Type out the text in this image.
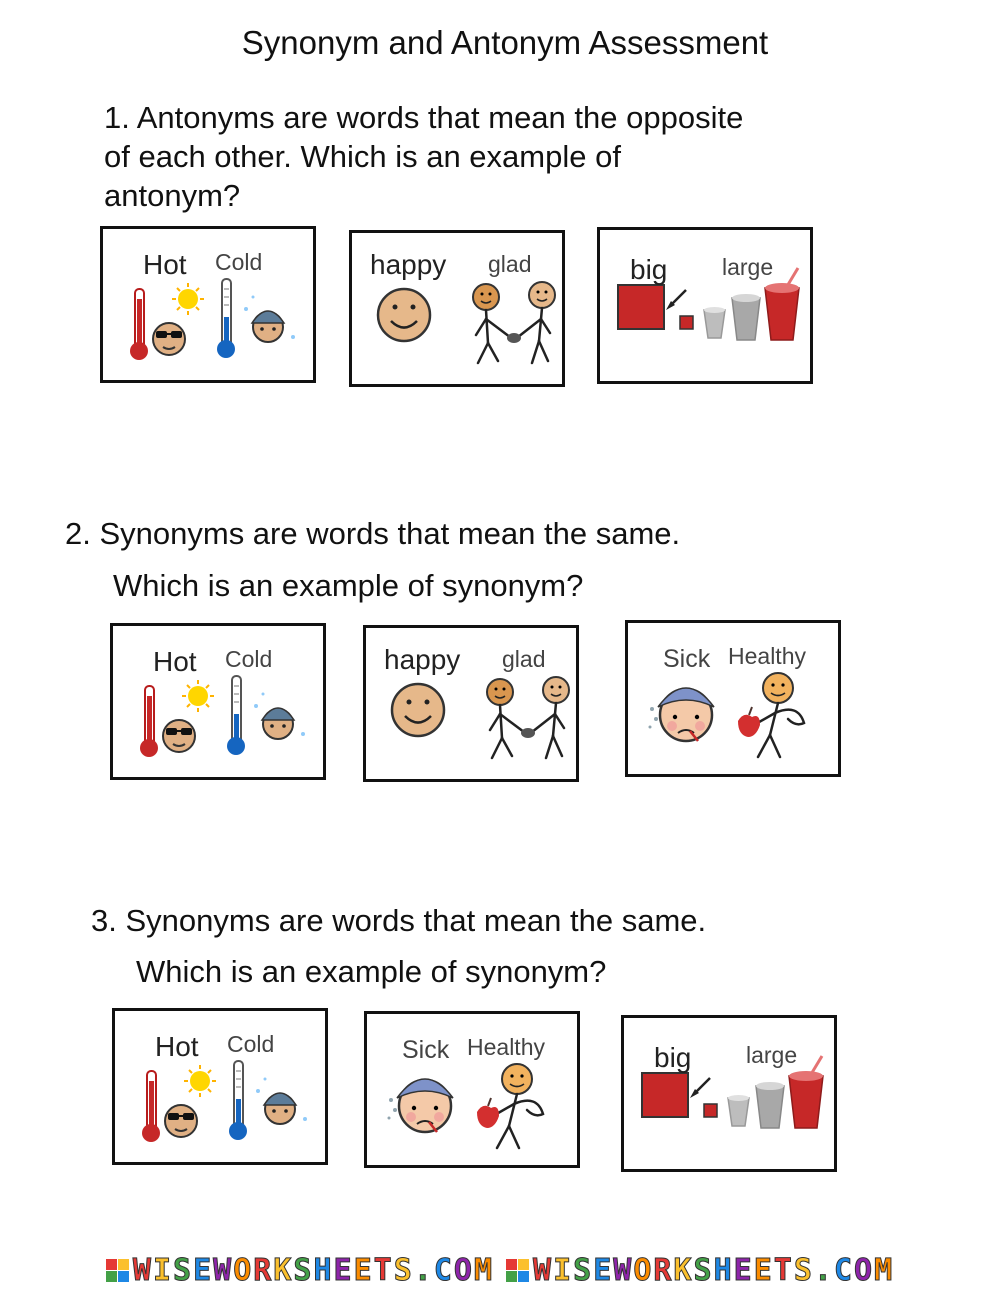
Synonym and Antonym Assessment
1. Antonyms are words that mean the opposite
of each other. Which is an example of
antonym?
Hot Cold	happy glad	big large
2. Synonyms are words that mean the same.
Which is an example of synonym?
Hot Cold	happy glad	Sick Healthy
3. Synonyms are words that mean the same.
Which is an example of synonym?
Hot Cold	Sick Healthy	big large
WISEWORKSHEETS.COM WISEWORKSHEETS.COM
